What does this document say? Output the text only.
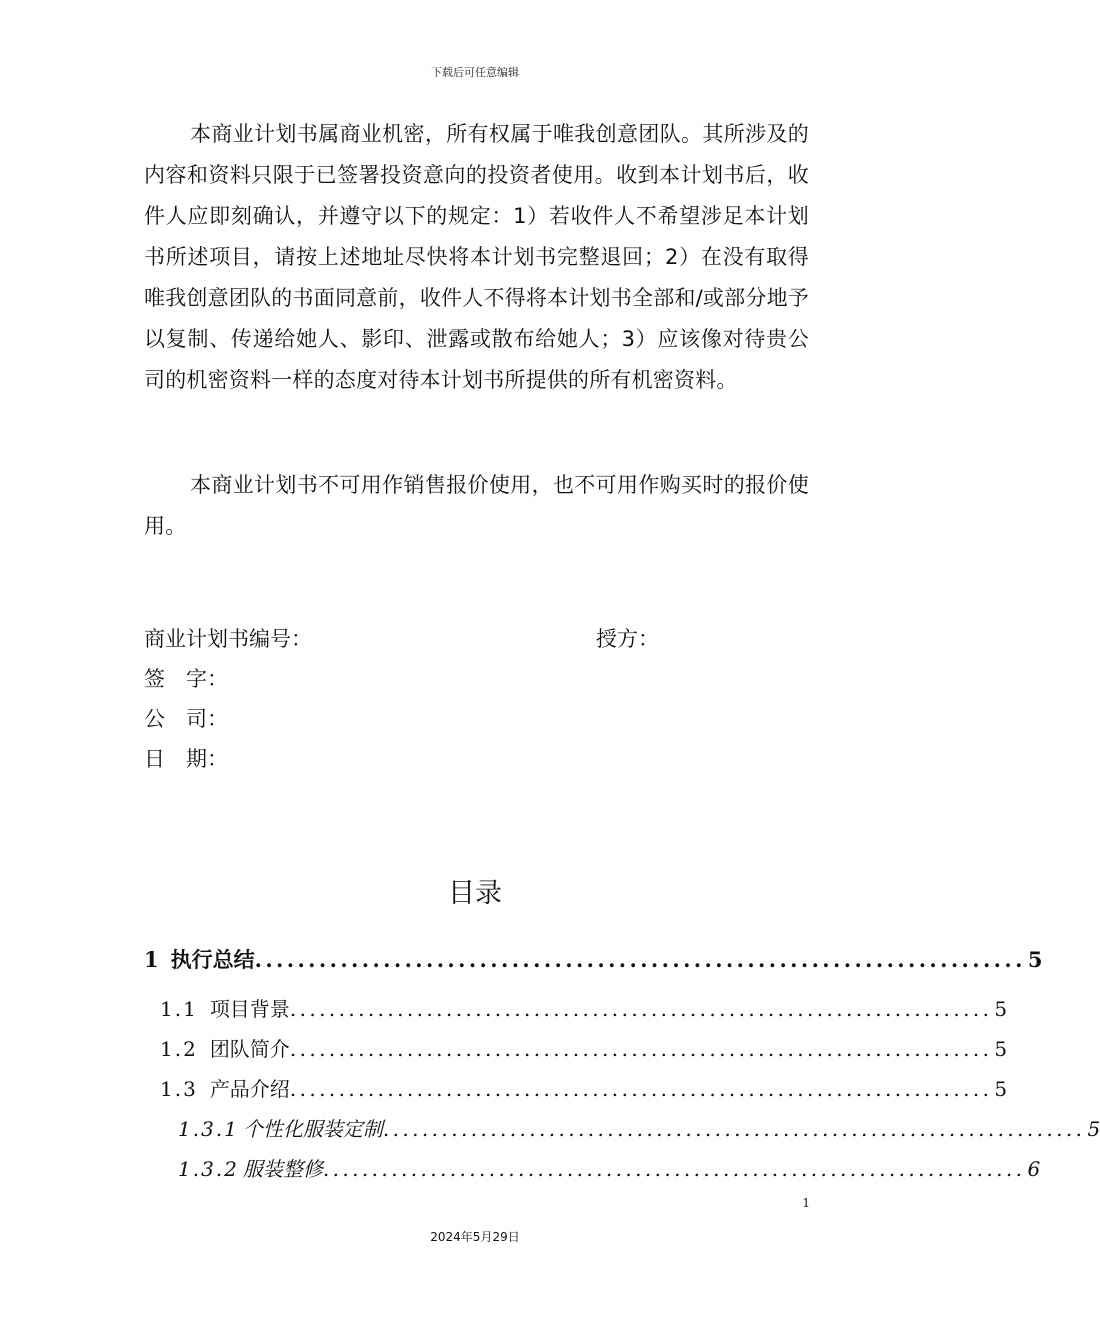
下载后可任意编辑
本商业计划书属商业机密，所有权属于唯我创意团队。其所涉及的内容和资料只限于已签署投资意向的投资者使用。收到本计划书后，收件人应即刻确认，并遵守以下的规定：1）若收件人不希望涉足本计划书所述项目，请按上述地址尽快将本计划书完整退回；2）在没有取得唯我创意团队的书面同意前，收件人不得将本计划书全部和/或部分地予以复制、传递给她人、影印、泄露或散布给她人；3）应该像对待贵公司的机密资料一样的态度对待本计划书所提供的所有机密资料。
本商业计划书不可用作销售报价使用，也不可用作购买时的报价使用。
商业计划书编号：	授方：
签　字：
公　司：
日　期：
目录
1 执行总结 ........................................................................ 5
1.1 项目背景 ........................................................................ 5
1.2 团队简介 ........................................................................ 5
1.3 产品介绍 ........................................................................ 5
1.3.1 个性化服装定制 ........................................................................ 5
1.3.2 服装整修 ........................................................................ 6
1
2024年5月29日
